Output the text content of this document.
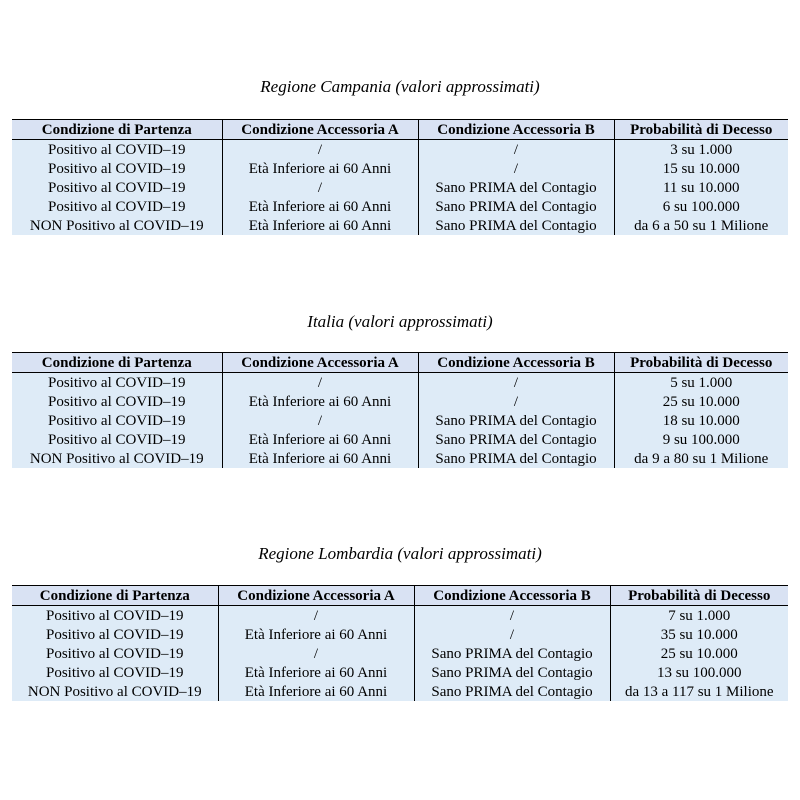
Regione Campania (valori approssimati)
Condizione di Partenza	Condizione Accessoria A	Condizione Accessoria B	Probabilità di Decesso
Positivo al COVID–19	/	/	3 su 1.000
Positivo al COVID–19	Età Inferiore ai 60 Anni	/	15 su 10.000
Positivo al COVID–19	/	Sano PRIMA del Contagio	11 su 10.000
Positivo al COVID–19	Età Inferiore ai 60 Anni	Sano PRIMA del Contagio	6 su 100.000
NON Positivo al COVID–19	Età Inferiore ai 60 Anni	Sano PRIMA del Contagio	da 6 a 50 su 1 Milione
Italia (valori approssimati)
Condizione di Partenza	Condizione Accessoria A	Condizione Accessoria B	Probabilità di Decesso
Positivo al COVID–19	/	/	5 su 1.000
Positivo al COVID–19	Età Inferiore ai 60 Anni	/	25 su 10.000
Positivo al COVID–19	/	Sano PRIMA del Contagio	18 su 10.000
Positivo al COVID–19	Età Inferiore ai 60 Anni	Sano PRIMA del Contagio	9 su 100.000
NON Positivo al COVID–19	Età Inferiore ai 60 Anni	Sano PRIMA del Contagio	da 9 a 80 su 1 Milione
Regione Lombardia (valori approssimati)
Condizione di Partenza	Condizione Accessoria A	Condizione Accessoria B	Probabilità di Decesso
Positivo al COVID–19	/	/	7 su 1.000
Positivo al COVID–19	Età Inferiore ai 60 Anni	/	35 su 10.000
Positivo al COVID–19	/	Sano PRIMA del Contagio	25 su 10.000
Positivo al COVID–19	Età Inferiore ai 60 Anni	Sano PRIMA del Contagio	13 su 100.000
NON Positivo al COVID–19	Età Inferiore ai 60 Anni	Sano PRIMA del Contagio	da 13 a 117 su 1 Milione
